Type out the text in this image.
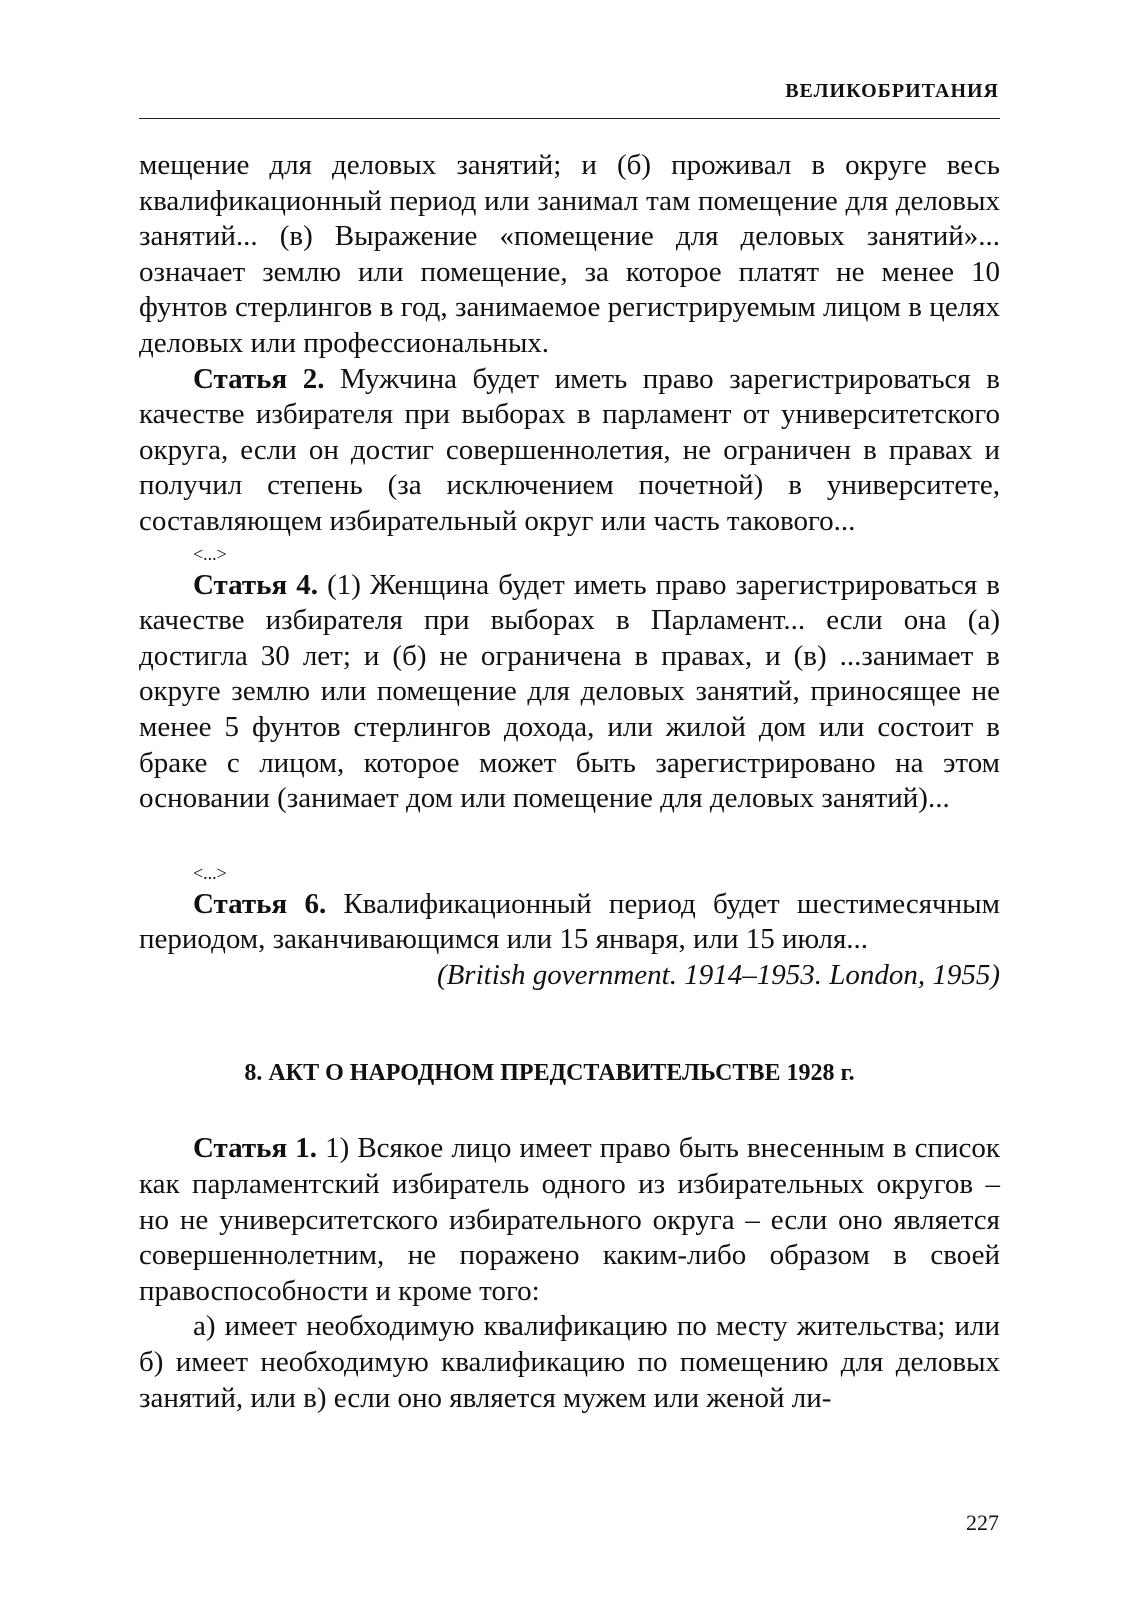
ВЕЛИКОБРИТАНИЯ

мещение для деловых занятий; и (б) проживал в округе весь квалификационный период или занимал там помещение для деловых занятий... (в) Выражение «помещение для деловых занятий»... означает землю или помещение, за которое платят не менее 10 фунтов стерлингов в год, занимаемое регистрируемым лицом в целях деловых или профессиональных.

Статья 2. Мужчина будет иметь право зарегистрироваться в качестве избирателя при выборах в парламент от университетского округа, если он достиг совершеннолетия, не ограничен в правах и получил степень (за исключением почетной) в университете, составляющем избирательный округ или часть такового...

<...>

Статья 4. (1) Женщина будет иметь право зарегистрироваться в качестве избирателя при выборах в Парламент... если она (а) достигла 30 лет; и (б) не ограничена в правах, и (в) ...занимает в округе землю или помещение для деловых занятий, приносящее не менее 5 фунтов стерлингов дохода, или жилой дом или состоит в браке с лицом, которое может быть зарегистрировано на этом основании (занимает дом или помещение для деловых занятий)...

<...>

Статья 6. Квалификационный период будет шестимесячным периодом, заканчивающимся или 15 января, или 15 июля...

(British government. 1914–1953. London, 1955)

8. АКТ О НАРОДНОМ ПРЕДСТАВИТЕЛЬСТВЕ 1928 г.

Статья 1. 1) Всякое лицо имеет право быть внесенным в список как парламентский избиратель одного из избирательных округов – но не университетского избирательного округа – если оно является совершеннолетним, не поражено каким-либо образом в своей правоспособности и кроме того:

а) имеет необходимую квалификацию по месту жительства; или б) имеет необходимую квалификацию по помещению для деловых занятий, или в) если оно является мужем или женой ли-

227
